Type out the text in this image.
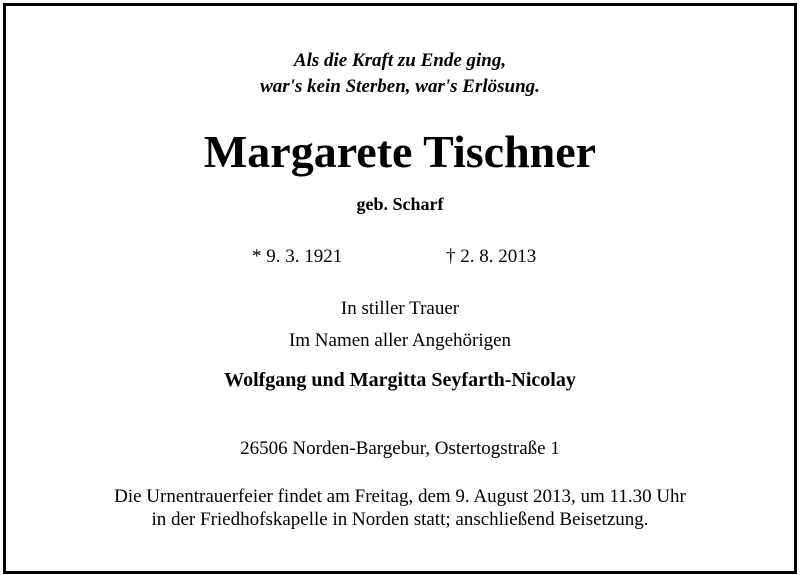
Als die Kraft zu Ende ging,
war's kein Sterben, war's Erlösung.
Margarete Tischner
geb. Scharf
* 9. 3. 1921	† 2. 8. 2013
In stiller Trauer
Im Namen aller Angehörigen
Wolfgang und Margitta Seyfarth-Nicolay
26506 Norden-Bargebur, Ostertogstraße 1
Die Urnentrauerfeier findet am Freitag, dem 9. August 2013, um 11.30 Uhr
in der Friedhofskapelle in Norden statt; anschließend Beisetzung.
